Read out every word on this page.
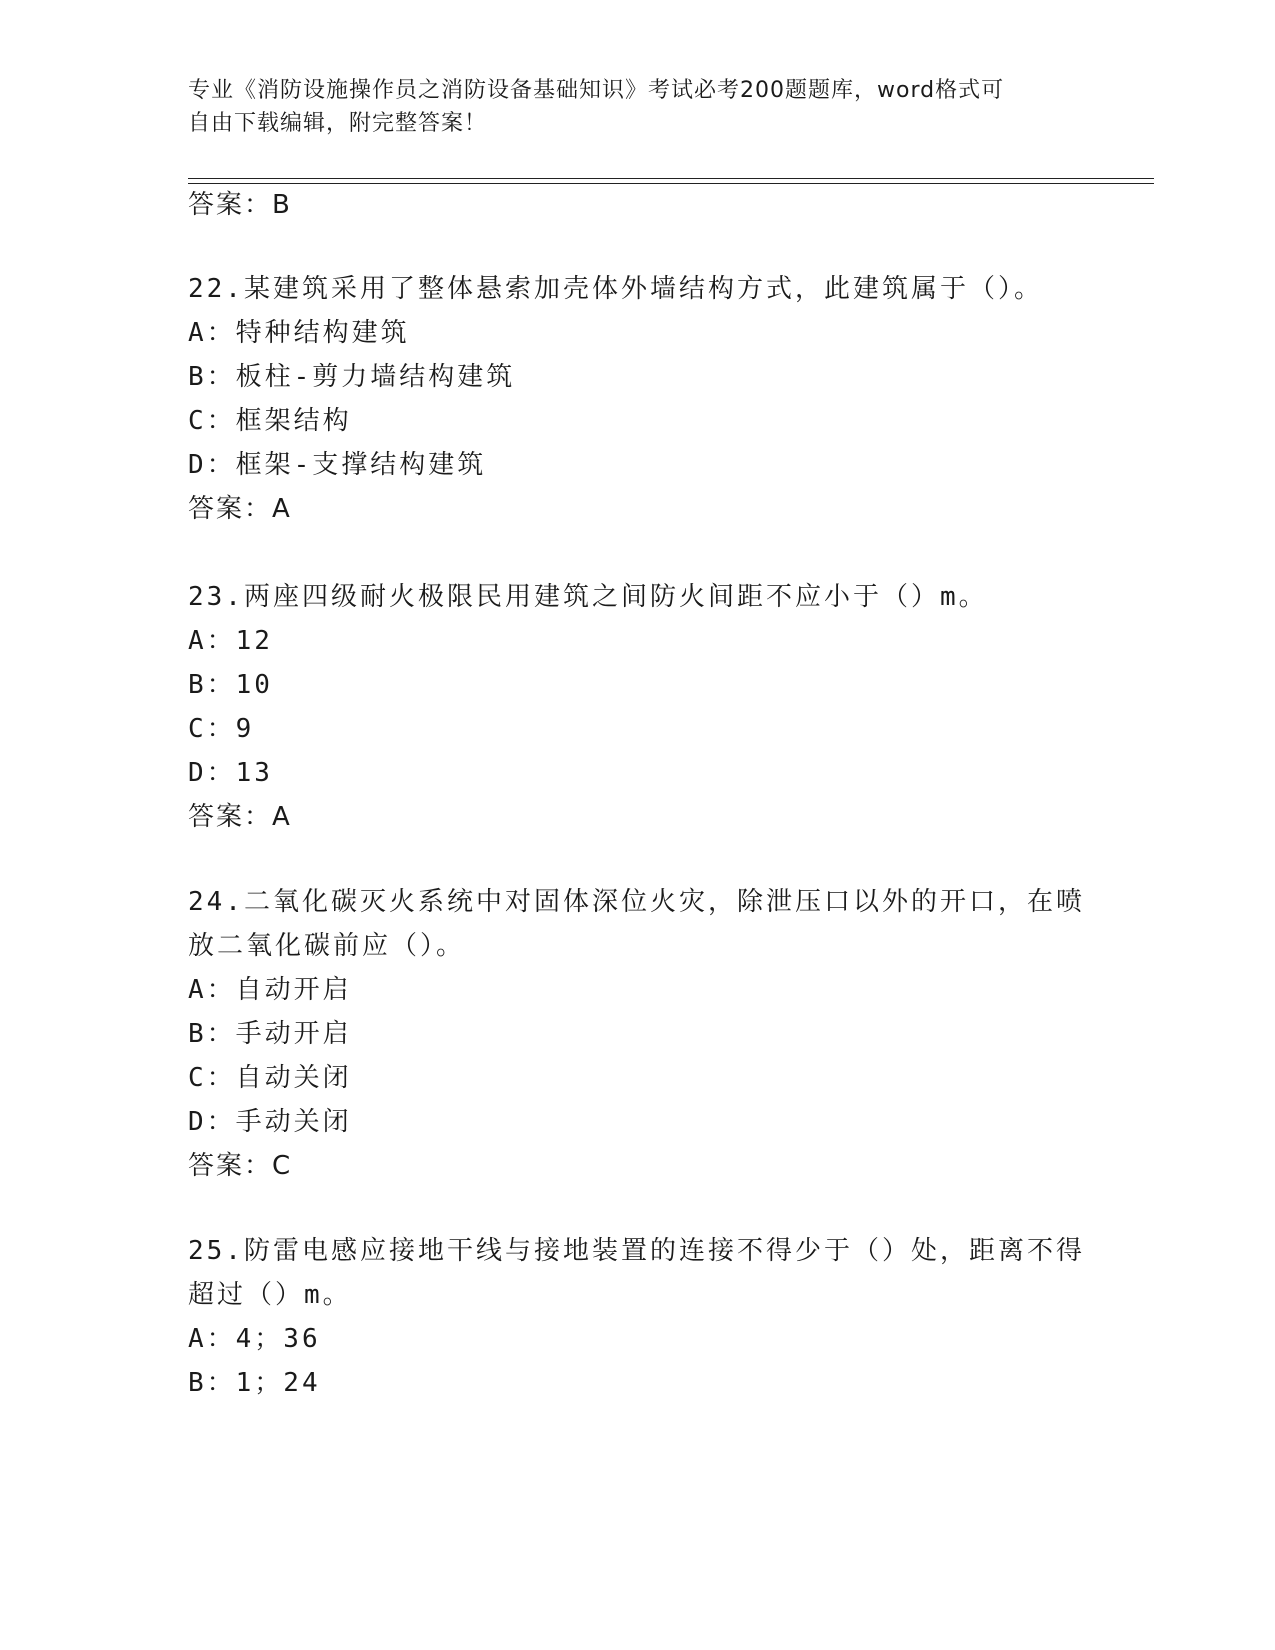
专业《消防设施操作员之消防设备基础知识》考试必考200题题库，word格式可
自由下载编辑，附完整答案！
答案：B
22.某建筑采用了整体悬索加壳体外墙结构方式，此建筑属于（）。
A：特种结构建筑
B：板柱-剪力墙结构建筑
C：框架结构
D：框架-支撑结构建筑
答案：A
23.两座四级耐火极限民用建筑之间防火间距不应小于（）m。
A：12
B：10
C：9
D：13
答案：A
24.二氧化碳灭火系统中对固体深位火灾，除泄压口以外的开口，在喷
放二氧化碳前应（）。
A：自动开启
B：手动开启
C：自动关闭
D：手动关闭
答案：C
25.防雷电感应接地干线与接地装置的连接不得少于（）处，距离不得
超过（）m。
A：4；36
B：1；24
